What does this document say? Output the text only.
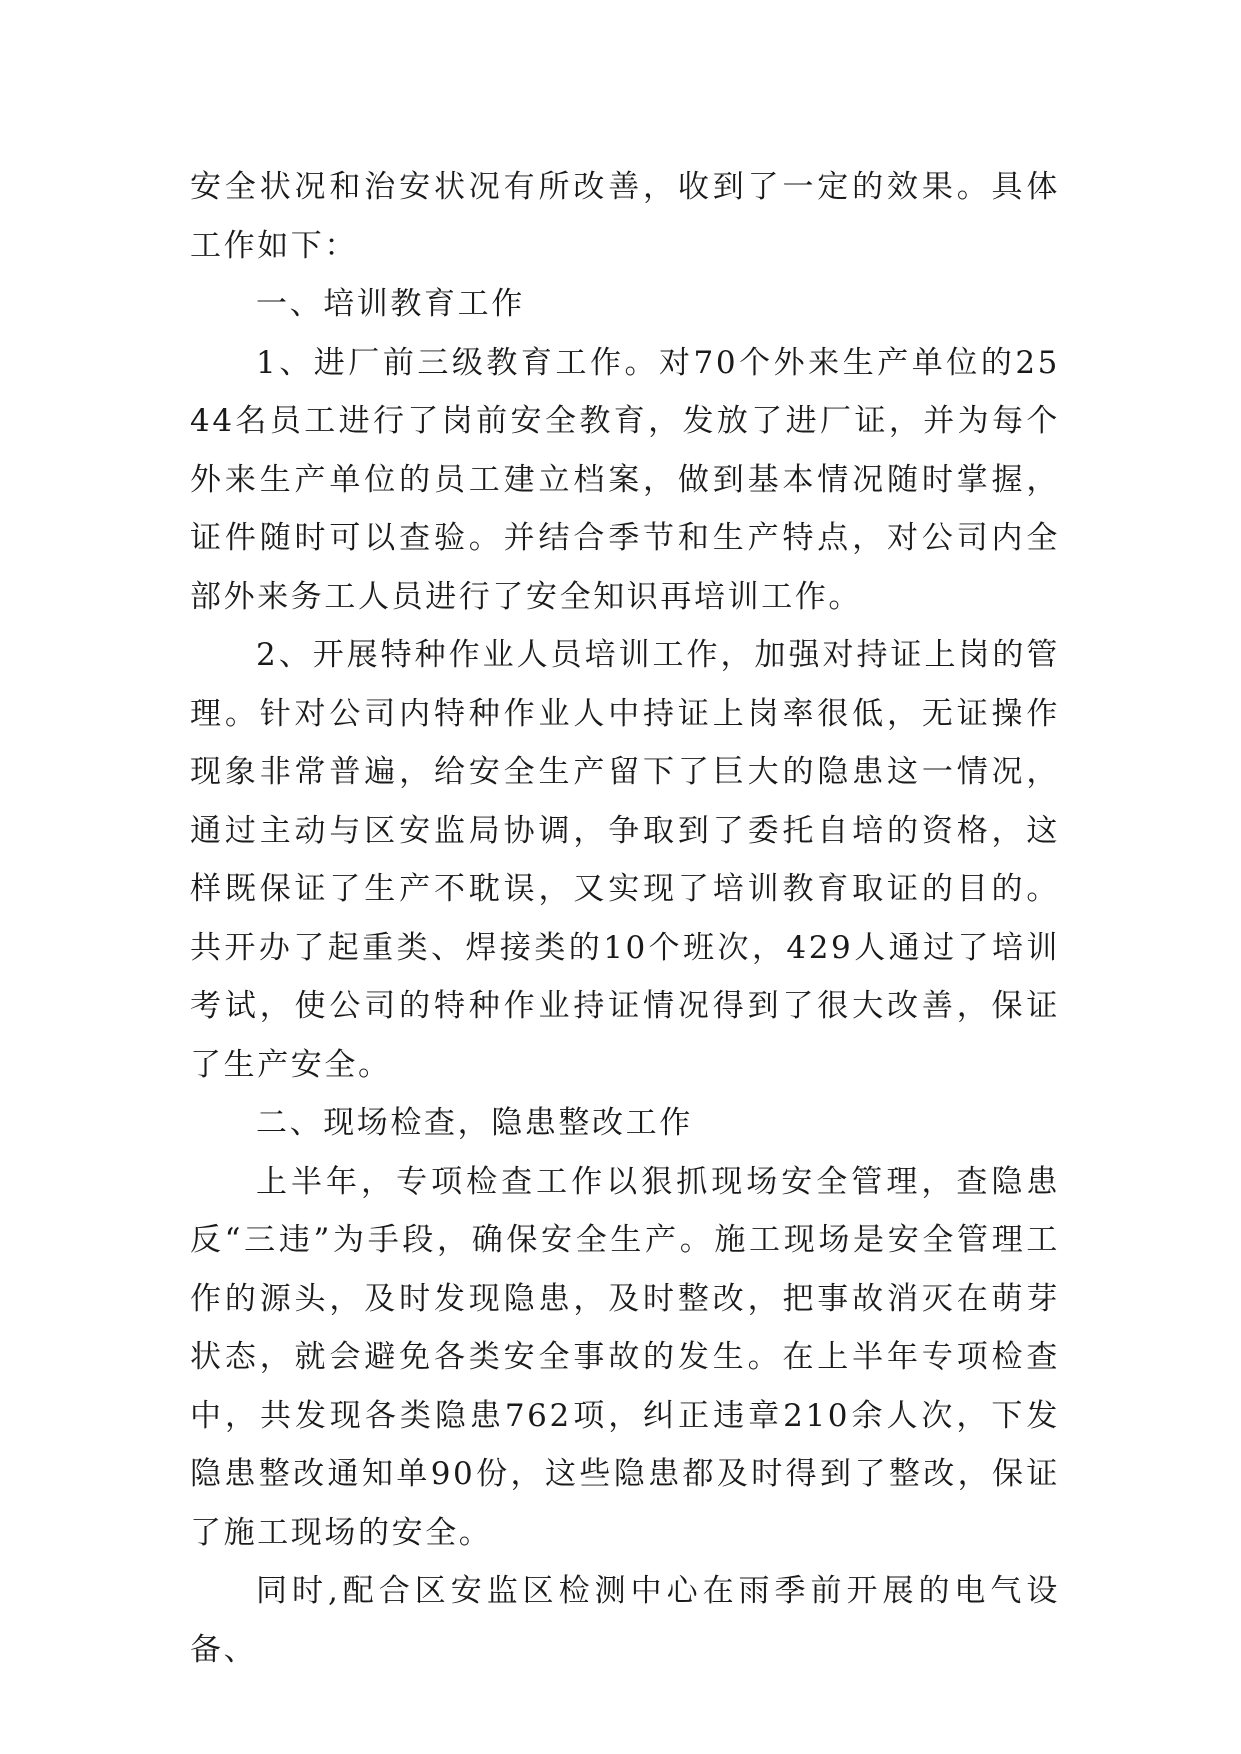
安全状况和治安状况有所改善，收到了一定的效果。具体工作如下：

一、培训教育工作

1、进厂前三级教育工作。对70个外来生产单位的2544名员工进行了岗前安全教育，发放了进厂证，并为每个外来生产单位的员工建立档案，做到基本情况随时掌握，证件随时可以查验。并结合季节和生产特点，对公司内全部外来务工人员进行了安全知识再培训工作。

2、开展特种作业人员培训工作，加强对持证上岗的管理。针对公司内特种作业人中持证上岗率很低，无证操作现象非常普遍，给安全生产留下了巨大的隐患这一情况，通过主动与区安监局协调，争取到了委托自培的资格，这样既保证了生产不耽误，又实现了培训教育取证的目的。共开办了起重类、焊接类的10个班次，429人通过了培训考试，使公司的特种作业持证情况得到了很大改善，保证了生产安全。

二、现场检查，隐患整改工作

上半年，专项检查工作以狠抓现场安全管理，查隐患反“三违”为手段，确保安全生产。施工现场是安全管理工作的源头，及时发现隐患，及时整改，把事故消灭在萌芽状态，就会避免各类安全事故的发生。在上半年专项检查中，共发现各类隐患762项，纠正违章210余人次，下发隐患整改通知单90份，这些隐患都及时得到了整改，保证了施工现场的安全。

同时,配合区安监区检测中心在雨季前开展的电气设备、
